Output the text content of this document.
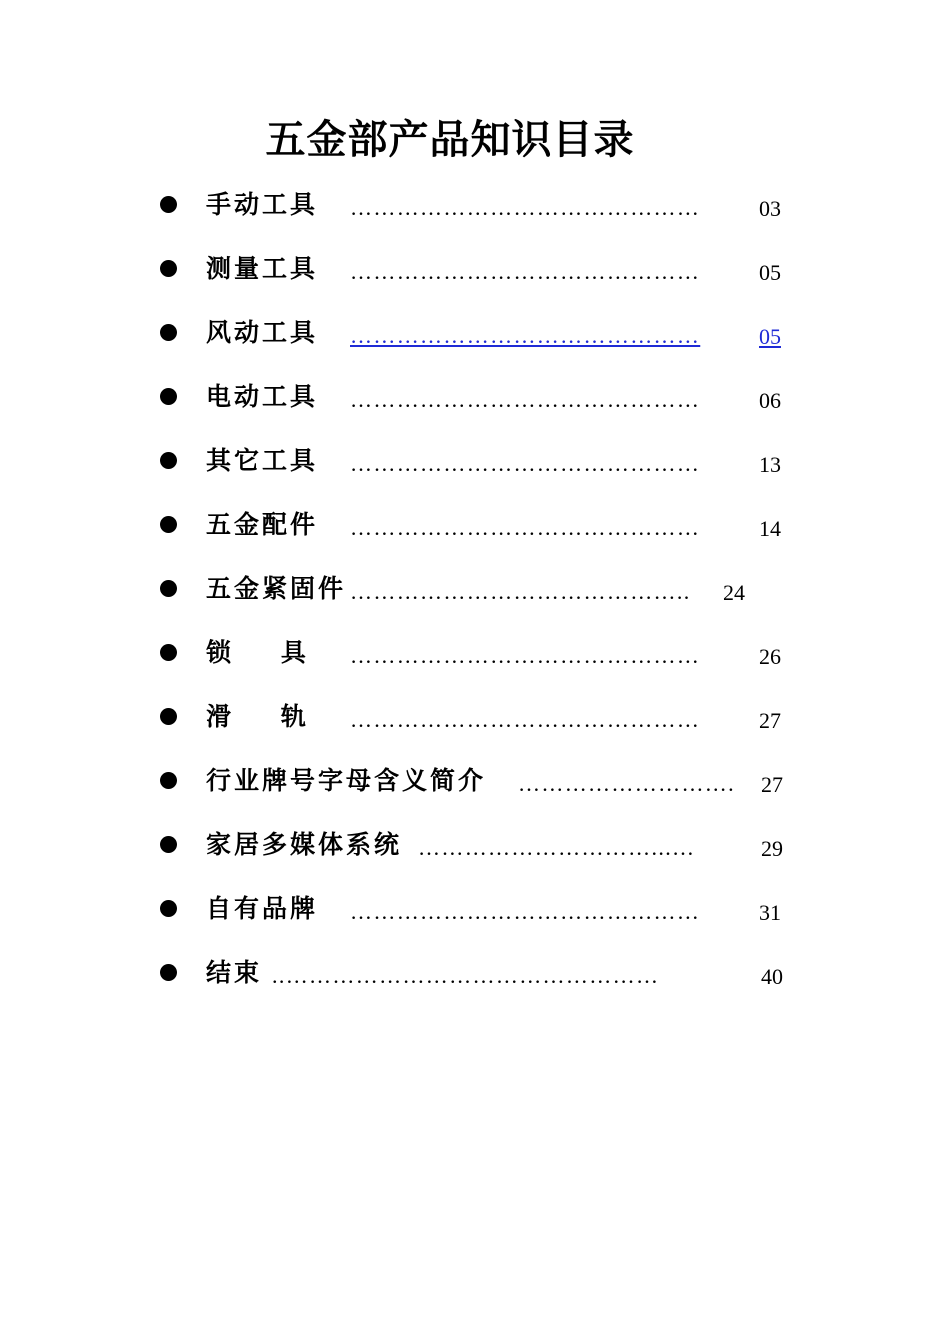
五金部产品知识目录
手动工具 ………………………………………	03
测量工具 ………………………………………	05
风动工具 ………………………………………	05
电动工具 ………………………………………	06
其它工具 ………………………………………	13
五金配件 ………………………………………	14
五金紧固件 ……………………………………..	24
锁    具 ………………………………………	26
滑    轨 ………………………………………	27
行业牌号字母含义简介 ……………………….	27
家居多媒体系统 …………………………...…	29
自有品牌 ………………………………………	31
结束 ..…………………………………………	40
